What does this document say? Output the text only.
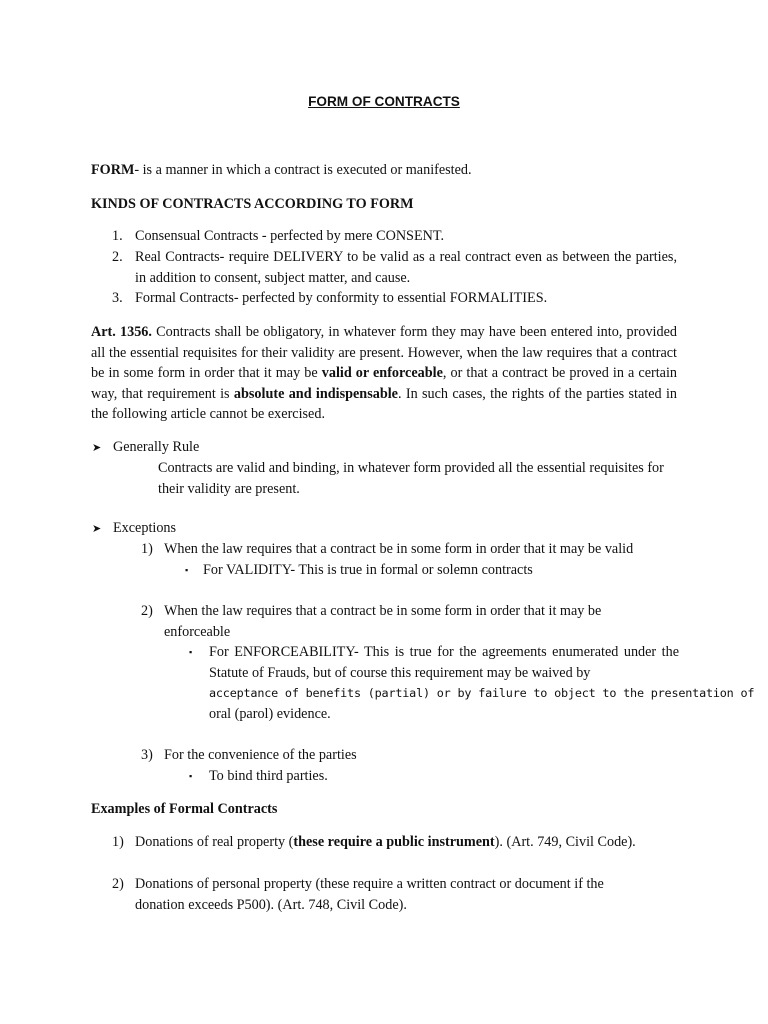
FORM OF CONTRACTS
FORM- is a manner in which a contract is executed or manifested.
KINDS OF CONTRACTS ACCORDING TO FORM
1. Consensual Contracts - perfected by mere CONSENT.
2. Real Contracts- require DELIVERY to be valid as a real contract even as between the parties, in addition to consent, subject matter, and cause.
3. Formal Contracts- perfected by conformity to essential FORMALITIES.
Art. 1356. Contracts shall be obligatory, in whatever form they may have been entered into, provided all the essential requisites for their validity are present. However, when the law requires that a contract be in some form in order that it may be valid or enforceable, or that a contract be proved in a certain way, that requirement is absolute and indispensable. In such cases, the rights of the parties stated in the following article cannot be exercised.
➤ Generally Rule
Contracts are valid and binding, in whatever form provided all the essential requisites for their validity are present.
➤ Exceptions
1) When the law requires that a contract be in some form in order that it may be valid
▪ For VALIDITY- This is true in formal or solemn contracts
2) When the law requires that a contract be in some form in order that it may be enforceable
▪ For ENFORCEABILITY- This is true for the agreements enumerated under the Statute of Frauds, but of course this requirement may be waived by
acceptance of benefits (partial) or by failure to object to the presentation of
oral (parol) evidence.
3) For the convenience of the parties
▪ To bind third parties.
Examples of Formal Contracts
1) Donations of real property (these require a public instrument). (Art. 749, Civil Code).
2) Donations of personal property (these require a written contract or document if the donation exceeds P500). (Art. 748, Civil Code).
